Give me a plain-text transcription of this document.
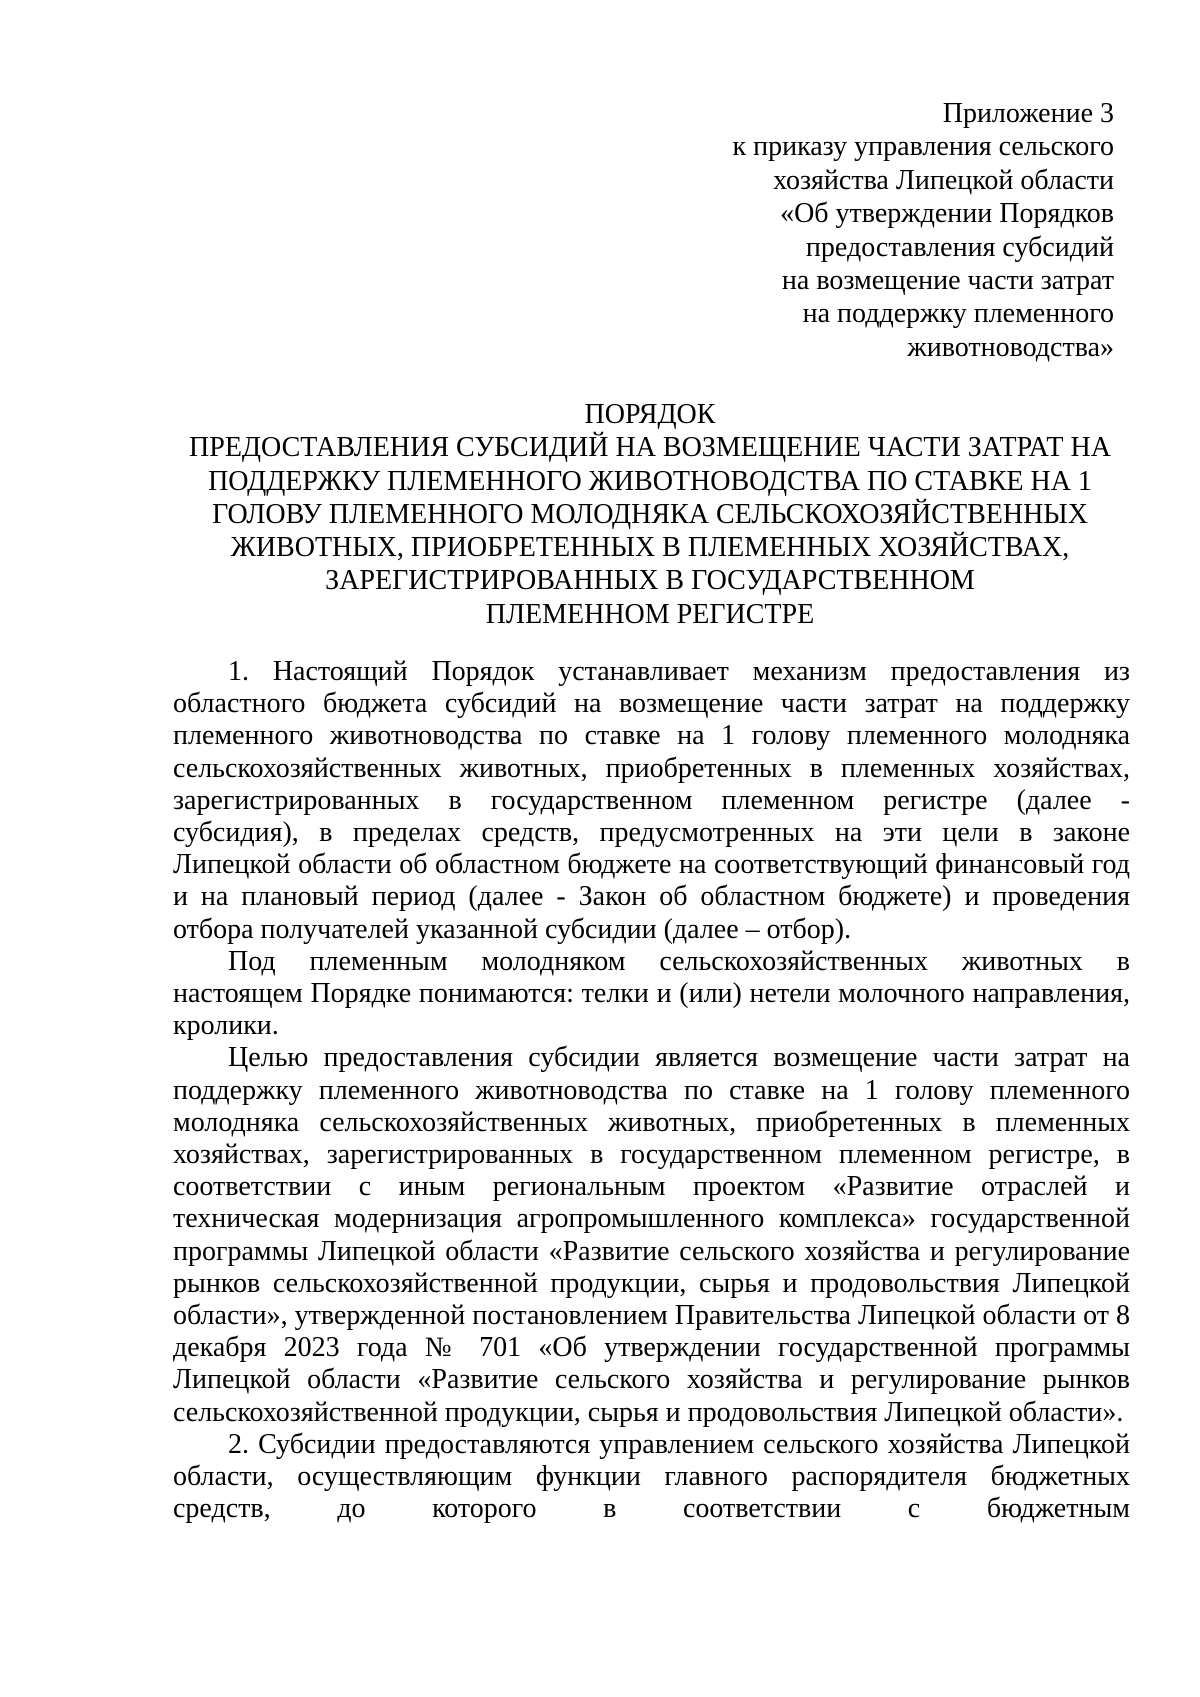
Приложение 3
к приказу управления сельского
хозяйства Липецкой области
«Об утверждении Порядков
предоставления субсидий
на возмещение части затрат
на поддержку племенного
животноводства»
ПОРЯДОК
ПРЕДОСТАВЛЕНИЯ СУБСИДИЙ НА ВОЗМЕЩЕНИЕ ЧАСТИ ЗАТРАТ НА
ПОДДЕРЖКУ ПЛЕМЕННОГО ЖИВОТНОВОДСТВА ПО СТАВКЕ НА 1
ГОЛОВУ ПЛЕМЕННОГО МОЛОДНЯКА СЕЛЬСКОХОЗЯЙСТВЕННЫХ
ЖИВОТНЫХ, ПРИОБРЕТЕННЫХ В ПЛЕМЕННЫХ ХОЗЯЙСТВАХ,
ЗАРЕГИСТРИРОВАННЫХ В ГОСУДАРСТВЕННОМ
ПЛЕМЕННОМ РЕГИСТРЕ

1. Настоящий Порядок устанавливает механизм предоставления из областного бюджета субсидий на возмещение части затрат на поддержку племенного животноводства по ставке на 1 голову племенного молодняка сельскохозяйственных животных, приобретенных в племенных хозяйствах, зарегистрированных в государственном племенном регистре (далее - субсидия), в пределах средств, предусмотренных на эти цели в законе Липецкой области об областном бюджете на соответствующий финансовый год и на плановый период (далее - Закон об областном бюджете) и проведения отбора получателей указанной субсидии (далее – отбор).

Под племенным молодняком сельскохозяйственных животных в настоящем Порядке понимаются: телки и (или) нетели молочного направления, кролики.

Целью предоставления субсидии является возмещение части затрат на поддержку племенного животноводства по ставке на 1 голову племенного молодняка сельскохозяйственных животных, приобретенных в племенных хозяйствах, зарегистрированных в государственном племенном регистре, в соответствии с иным региональным проектом «Развитие отраслей и техническая модернизация агропромышленного комплекса» государственной программы Липецкой области «Развитие сельского хозяйства и регулирование рынков сельскохозяйственной продукции, сырья и продовольствия Липецкой области», утвержденной постановлением Правительства Липецкой области от 8 декабря 2023 года № 701 «Об утверждении государственной программы Липецкой области «Развитие сельского хозяйства и регулирование рынков сельскохозяйственной продукции, сырья и продовольствия Липецкой области».

2. Субсидии предоставляются управлением сельского хозяйства Липецкой области, осуществляющим функции главного распорядителя бюджетных средств, до которого в соответствии с бюджетным
